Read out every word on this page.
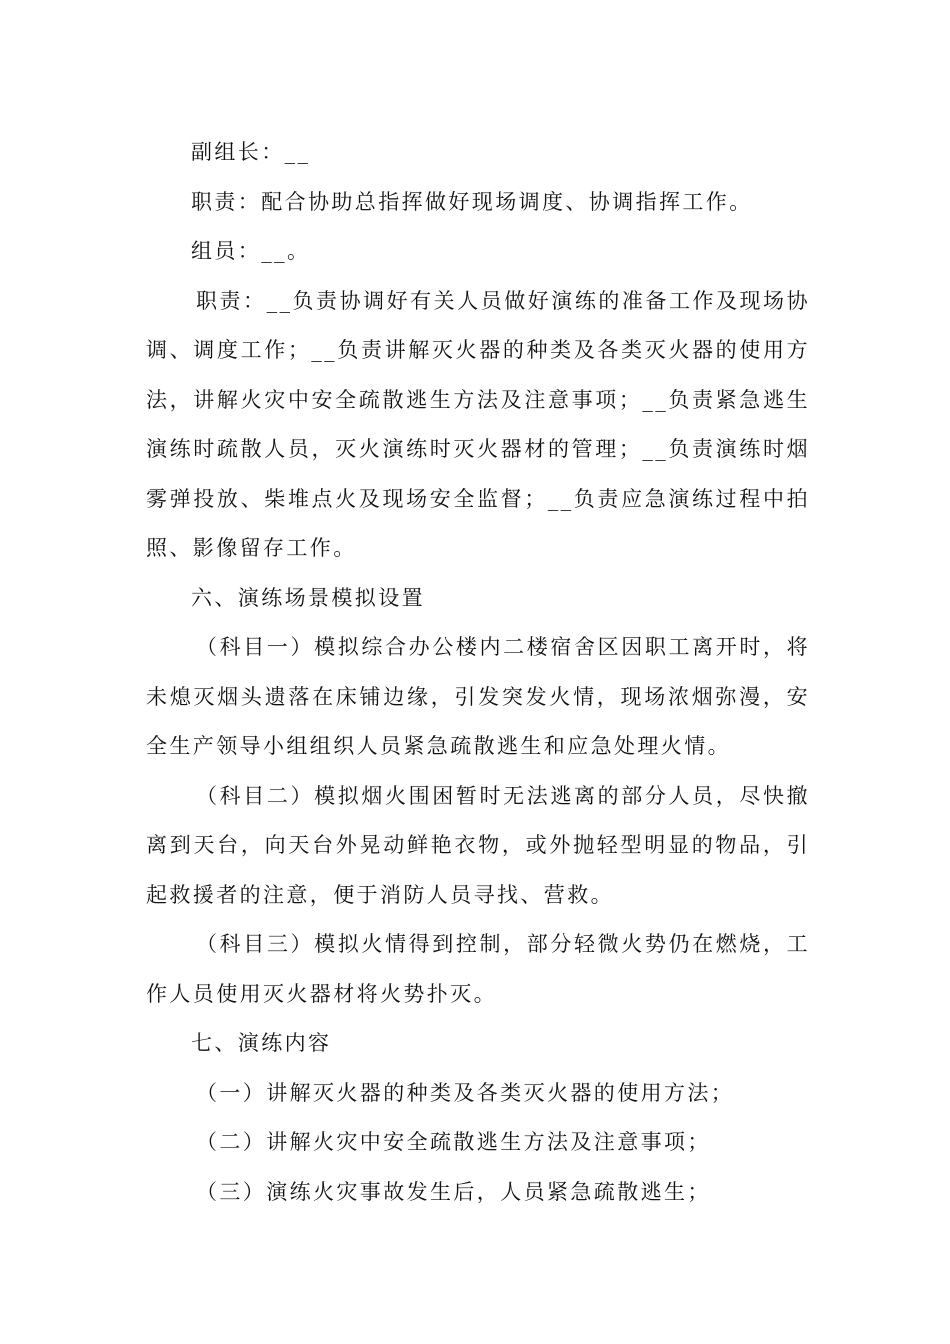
副组长：__

职责：配合协助总指挥做好现场调度、协调指挥工作。

组员：__。

职责：__负责协调好有关人员做好演练的准备工作及现场协调、调度工作；__负责讲解灭火器的种类及各类灭火器的使用方法，讲解火灾中安全疏散逃生方法及注意事项；__负责紧急逃生演练时疏散人员，灭火演练时灭火器材的管理；__负责演练时烟雾弹投放、柴堆点火及现场安全监督；__负责应急演练过程中拍照、影像留存工作。

六、演练场景模拟设置

（科目一）模拟综合办公楼内二楼宿舍区因职工离开时，将未熄灭烟头遗落在床铺边缘，引发突发火情，现场浓烟弥漫，安全生产领导小组组织人员紧急疏散逃生和应急处理火情。

（科目二）模拟烟火围困暂时无法逃离的部分人员，尽快撤离到天台，向天台外晃动鲜艳衣物，或外抛轻型明显的物品，引起救援者的注意，便于消防人员寻找、营救。

（科目三）模拟火情得到控制，部分轻微火势仍在燃烧，工作人员使用灭火器材将火势扑灭。

七、演练内容

（一）讲解灭火器的种类及各类灭火器的使用方法；

（二）讲解火灾中安全疏散逃生方法及注意事项；

（三）演练火灾事故发生后，人员紧急疏散逃生；
